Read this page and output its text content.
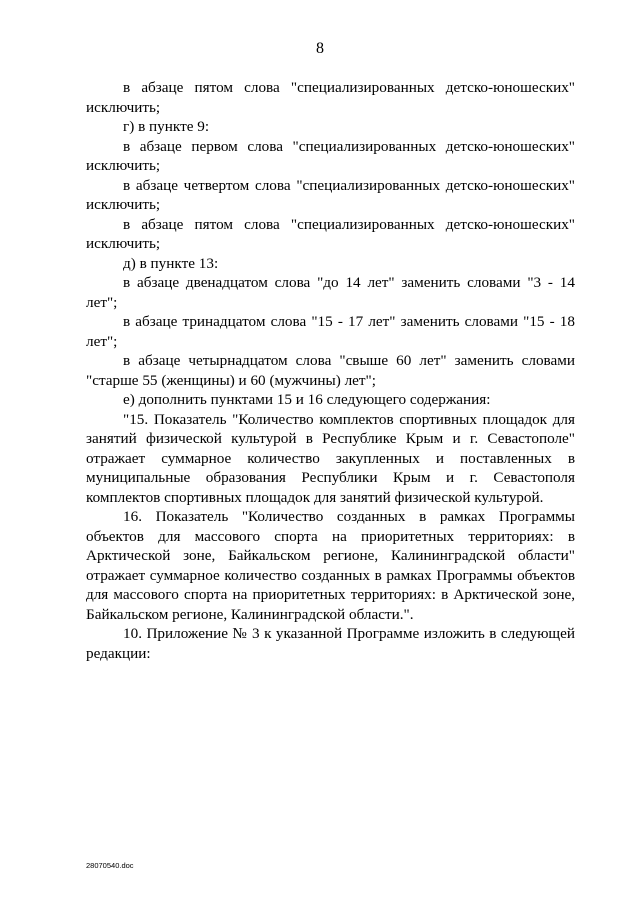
8

в абзаце пятом слова "специализированных детско-юношеских" исключить;

г) в пункте 9:

в абзаце первом слова "специализированных детско-юношеских" исключить;

в абзаце четвертом слова "специализированных детско-юношеских" исключить;

в абзаце пятом слова "специализированных детско-юношеских" исключить;

д) в пункте 13:

в абзаце двенадцатом слова "до 14 лет" заменить словами "3 - 14 лет";

в абзаце тринадцатом слова "15 - 17 лет" заменить словами "15 - 18 лет";

в абзаце четырнадцатом слова "свыше 60 лет" заменить словами "старше 55 (женщины) и 60 (мужчины) лет";

е) дополнить пунктами 15 и 16 следующего содержания:

"15. Показатель "Количество комплектов спортивных площадок для занятий физической культурой в Республике Крым и г. Севастополе" отражает суммарное количество закупленных и поставленных в муниципальные образования Республики Крым и г. Севастополя комплектов спортивных площадок для занятий физической культурой.

16. Показатель "Количество созданных в рамках Программы объектов для массового спорта на приоритетных территориях: в Арктической зоне, Байкальском регионе, Калининградской области" отражает суммарное количество созданных в рамках Программы объектов для массового спорта на приоритетных территориях: в Арктической зоне, Байкальском регионе, Калининградской области.".

10. Приложение № 3 к указанной Программе изложить в следующей редакции:

28070540.doc
